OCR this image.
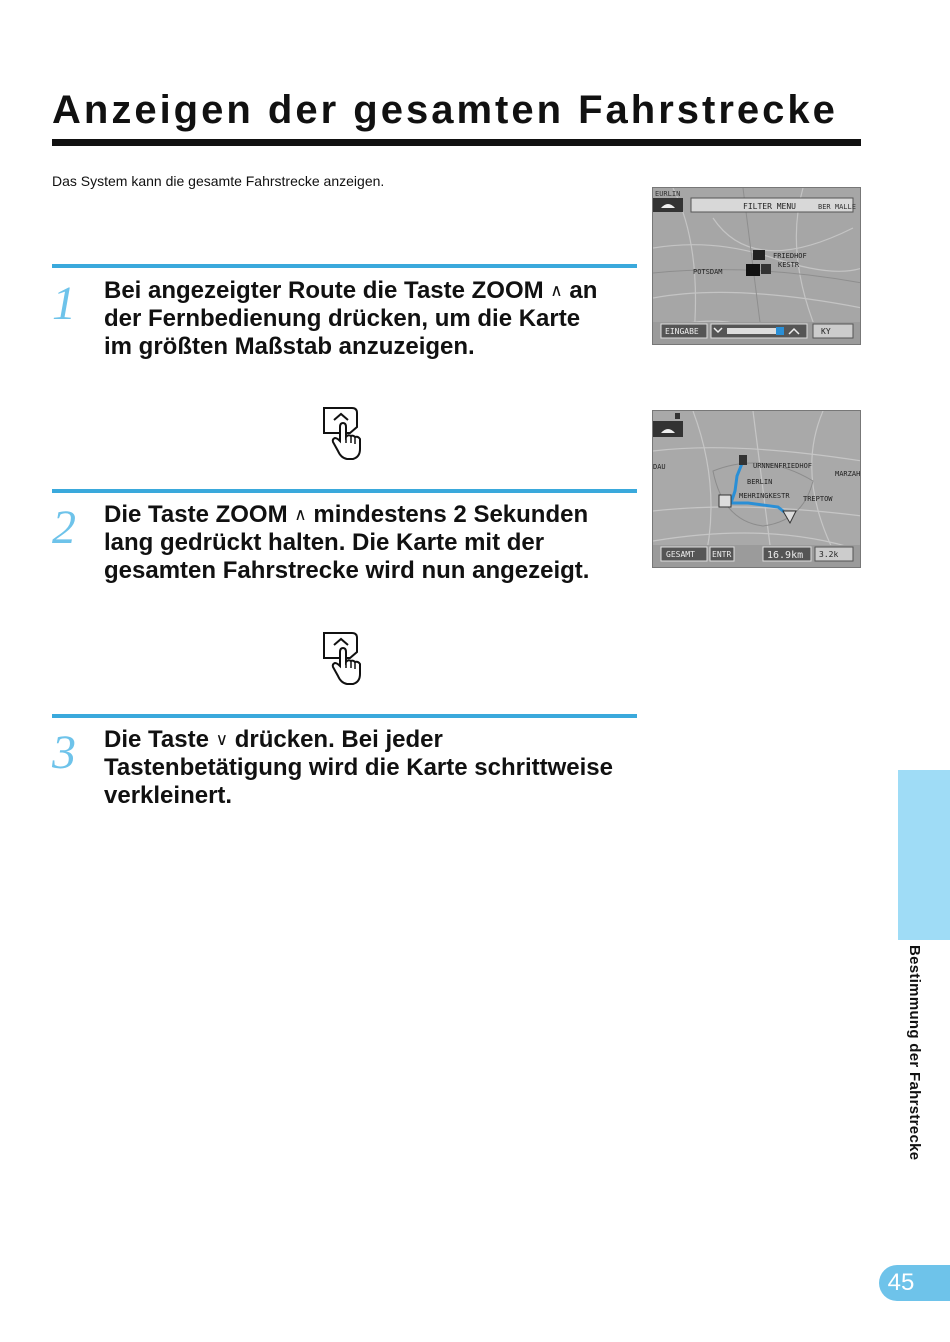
Anzeigen der gesamten Fahrstrecke
Das System kann die gesamte Fahrstrecke anzeigen.
1 Bei angezeigter Route die Taste ZOOM ∧ an der Fernbedienung drücken, um die Karte im größten Maßstab anzuzeigen.
2 Die Taste ZOOM ∧ mindestens 2 Sekunden lang gedrückt halten. Die Karte mit der gesamten Fahrstrecke wird nun angezeigt.
3 Die Taste ∨ drücken. Bei jeder Tastenbetätigung wird die Karte schrittweise verkleinert.
FILTER MENU	BER MALLE
EURLIN
FRIEDHOF
KESTR
POTSDAM
EINGABE	KY
URNNENFRIEDHOF
BERLIN
MEHRINGKESTR TREPTOW
MARZAH
DAU
GESAMT ENTR	16.9km 3.2k
Bestimmung der Fahrstrecke
45
